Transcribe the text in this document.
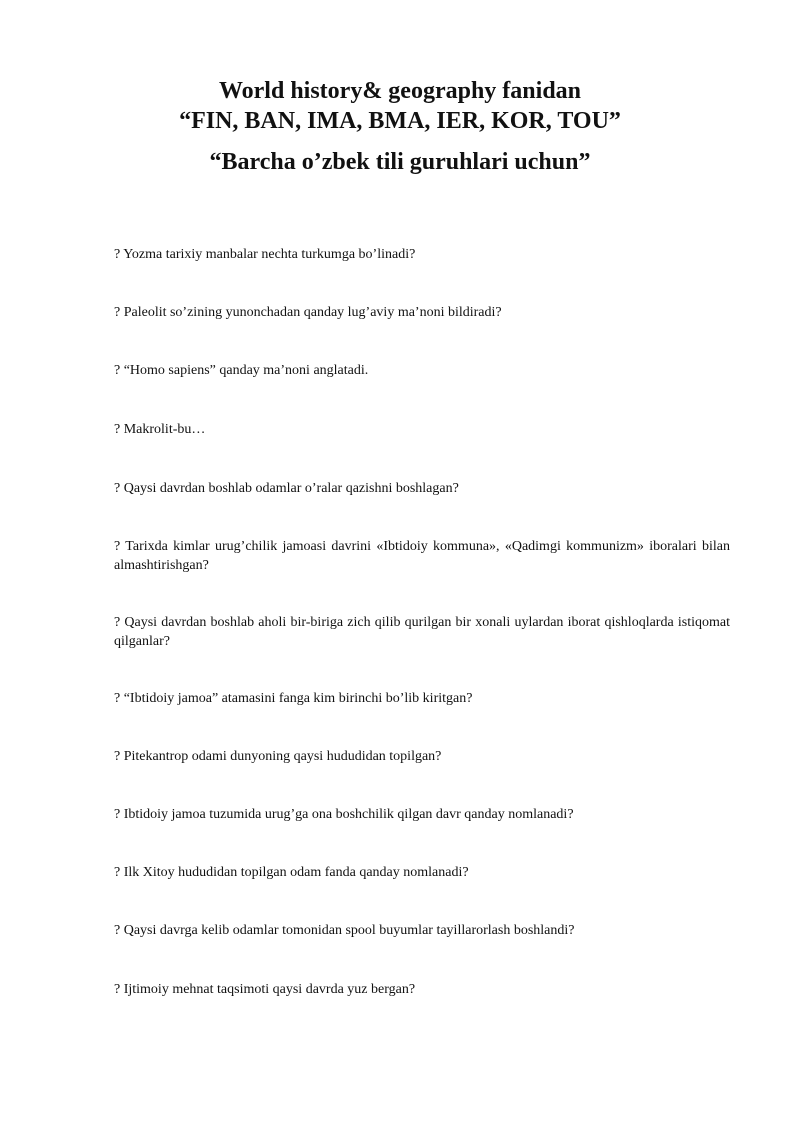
World history& geography fanidan
“FIN, BAN, IMA, BMA, IER, KOR, TOU”
“Barcha o’zbek tili guruhlari uchun”
? Yozma tarixiy manbalar nechta turkumga bo’linadi?
? Paleolit so’zining yunonchadan qanday lug’aviy ma’noni bildiradi?
? “Homo sapiens” qanday ma’noni anglatadi.
? Makrolit-bu…
? Qaysi davrdan boshlab odamlar o’ralar qazishni boshlagan?
? Tarixda kimlar urug’chilik jamoasi davrini «Ibtidoiy kommuna», «Qadimgi kommunizm» iboralari bilan almashtirishgan?
? Qaysi davrdan boshlab aholi bir-biriga zich qilib qurilgan bir xonali uylardan iborat qishloqlarda istiqomat qilganlar?
? “Ibtidoiy jamoa” atamasini fanga kim birinchi bo’lib kiritgan?
? Pitekantrop odami dunyoning qaysi hududidan topilgan?
? Ibtidoiy jamoa tuzumida urug’ga ona boshchilik qilgan davr qanday nomlanadi?
? Ilk Xitoy hududidan topilgan odam fanda qanday nomlanadi?
? Qaysi davrga kelib odamlar tomonidan spool buyumlar tayillarorlash boshlandi?
? Ijtimoiy mehnat taqsimoti qaysi davrda yuz bergan?
